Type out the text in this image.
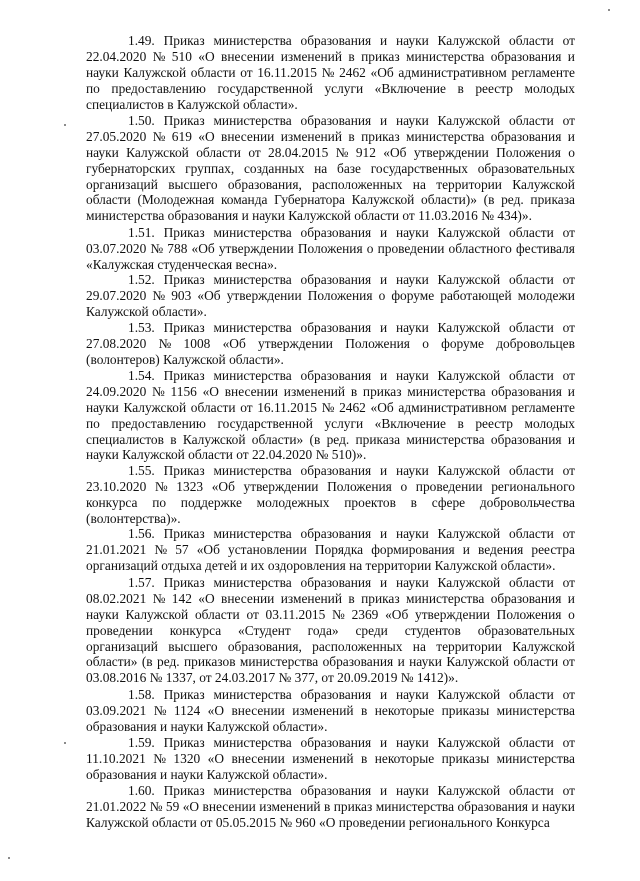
1.49. Приказ министерства образования и науки Калужской области от
22.04.2020 № 510 «О внесении изменений в приказ министерства образования и
науки Калужской области от 16.11.2015 № 2462 «Об административном регламенте
по предоставлению государственной услуги «Включение в реестр молодых
специалистов в Калужской области».
1.50. Приказ министерства образования и науки Калужской области от
27.05.2020 № 619 «О внесении изменений в приказ министерства образования и
науки Калужской области от 28.04.2015 № 912 «Об утверждении Положения о
губернаторских группах, созданных на базе государственных образовательных
организаций высшего образования, расположенных на территории Калужской
области (Молодежная команда Губернатора Калужской области)» (в ред. приказа
министерства образования и науки Калужской области от 11.03.2016 № 434)».
1.51. Приказ министерства образования и науки Калужской области от
03.07.2020 № 788 «Об утверждении Положения о проведении областного фестиваля
«Калужская студенческая весна».
1.52. Приказ министерства образования и науки Калужской области от
29.07.2020 № 903 «Об утверждении Положения о форуме работающей молодежи
Калужской области».
1.53. Приказ министерства образования и науки Калужской области от
27.08.2020 № 1008 «Об утверждении Положения о форуме добровольцев
(волонтеров) Калужской области».
1.54. Приказ министерства образования и науки Калужской области от
24.09.2020 № 1156 «О внесении изменений в приказ министерства образования и
науки Калужской области от 16.11.2015 № 2462 «Об административном регламенте
по предоставлению государственной услуги «Включение в реестр молодых
специалистов в Калужской области» (в ред. приказа министерства образования и
науки Калужской области от 22.04.2020 № 510)».
1.55. Приказ министерства образования и науки Калужской области от
23.10.2020 № 1323 «Об утверждении Положения о проведении регионального
конкурса по поддержке молодежных проектов в сфере добровольчества
(волонтерства)».
1.56. Приказ министерства образования и науки Калужской области от
21.01.2021 № 57 «Об установлении Порядка формирования и ведения реестра
организаций отдыха детей и их оздоровления на территории Калужской области».
1.57. Приказ министерства образования и науки Калужской области от
08.02.2021 № 142 «О внесении изменений в приказ министерства образования и
науки Калужской области от 03.11.2015 № 2369 «Об утверждении Положения о
проведении конкурса «Студент года» среди студентов образовательных
организаций высшего образования, расположенных на территории Калужской
области» (в ред. приказов министерства образования и науки Калужской области от
03.08.2016 № 1337, от 24.03.2017 № 377, от 20.09.2019 № 1412)».
1.58. Приказ министерства образования и науки Калужской области от
03.09.2021 № 1124 «О внесении изменений в некоторые приказы министерства
образования и науки Калужской области».
1.59. Приказ министерства образования и науки Калужской области от
11.10.2021 № 1320 «О внесении изменений в некоторые приказы министерства
образования и науки Калужской области».
1.60. Приказ министерства образования и науки Калужской области от
21.01.2022 № 59 «О внесении изменений в приказ министерства образования и науки
Калужской области от 05.05.2015 № 960 «О проведении регионального Конкурса
